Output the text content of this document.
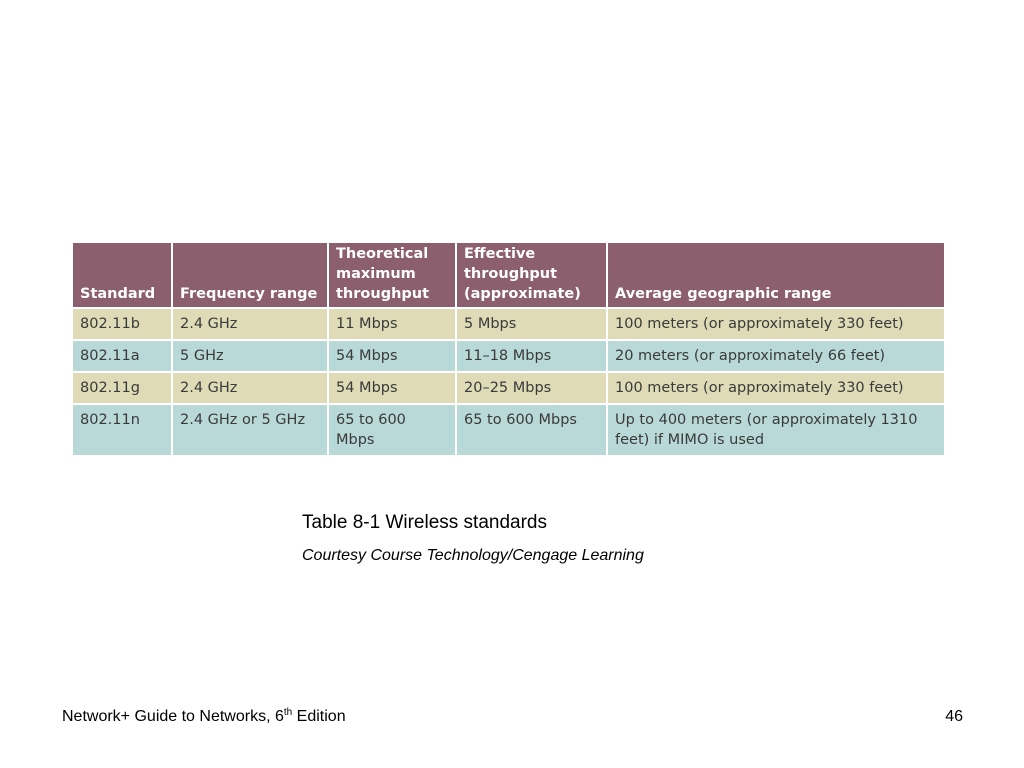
Standard	Frequency range	Theoretical maximum throughput	Effective throughput (approximate)	Average geographic range
802.11b	2.4 GHz	11 Mbps	5 Mbps	100 meters (or approximately 330 feet)
802.11a	5 GHz	54 Mbps	11–18 Mbps	20 meters (or approximately 66 feet)
802.11g	2.4 GHz	54 Mbps	20–25 Mbps	100 meters (or approximately 330 feet)
802.11n	2.4 GHz or 5 GHz	65 to 600 Mbps	65 to 600 Mbps	Up to 400 meters (or approximately 1310 feet) if MIMO is used
Table 8-1 Wireless standards
Courtesy Course Technology/Cengage Learning
Network+ Guide to Networks, 6th Edition	46
